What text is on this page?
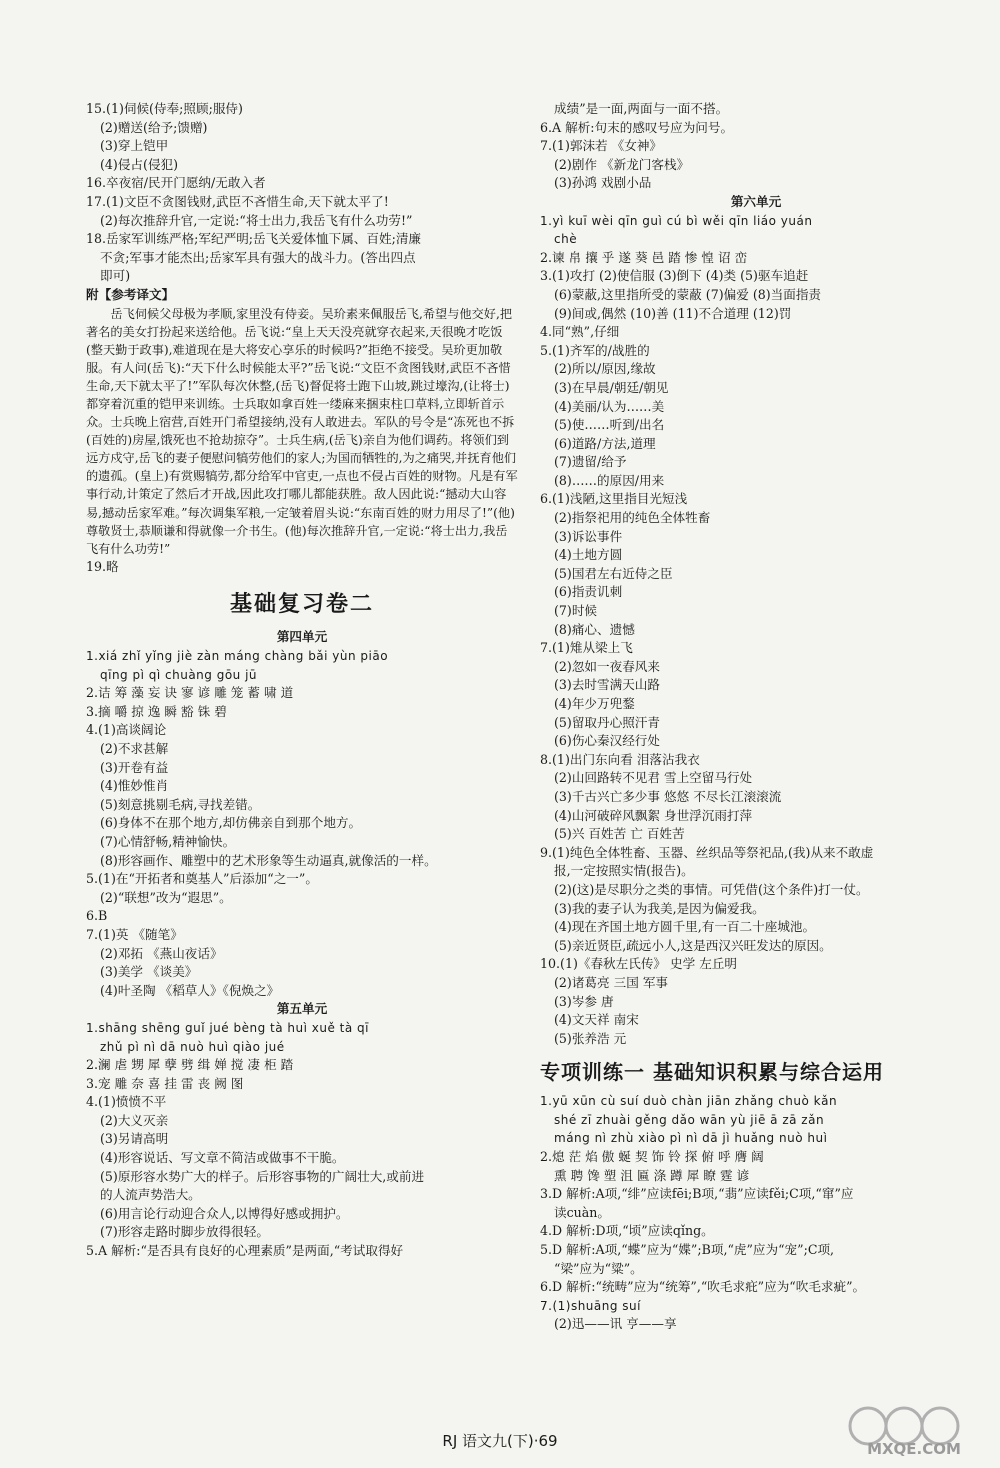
15.(1)伺候(侍奉;照顾;服侍)
(2)赠送(给予;馈赠)
(3)穿上铠甲
(4)侵占(侵犯)
16.卒夜宿/民开门愿纳/无敢入者
17.(1)文臣不贪图钱财,武臣不吝惜生命,天下就太平了!
(2)每次推辞升官,一定说:“将士出力,我岳飞有什么功劳!”
18.岳家军训练严格;军纪严明;岳飞关爱体恤下属、百姓;清廉
不贪;军事才能杰出;岳家军具有强大的战斗力。(答出四点
即可)
附【参考译文】
岳飞伺候父母极为孝顺,家里没有侍妾。吴玠素来佩服岳飞,希望与他交好,把著名的美女打扮起来送给他。岳飞说:“皇上天天没亮就穿衣起来,天很晚才吃饭(整天勤于政事),难道现在是大将安心享乐的时候吗?”拒绝不接受。吴玠更加敬服。有人问(岳飞):“天下什么时候能太平?”岳飞说:“文臣不贪图钱财,武臣不吝惜生命,天下就太平了!”军队每次休整,(岳飞)督促将士跑下山坡,跳过壕沟,(让将士)都穿着沉重的铠甲来训练。士兵取如拿百姓一缕麻来捆束柱口草料,立即斩首示众。士兵晚上宿营,百姓开门希望接纳,没有人敢进去。军队的号令是“冻死也不拆(百姓的)房屋,饿死也不抢劫掠夺”。士兵生病,(岳飞)亲自为他们调药。将领们到远方戍守,岳飞的妻子便慰问犒劳他们的家人;为国而牺牲的,为之痛哭,并抚育他们的遗孤。(皇上)有赏赐犒劳,都分给军中官吏,一点也不侵占百姓的财物。凡是有军事行动,计策定了然后才开战,因此攻打哪儿都能获胜。敌人因此说:“撼动大山容易,撼动岳家军难。”每次调集军粮,一定皱着眉头说:“东南百姓的财力用尽了!”(他)尊敬贤士,恭顺谦和得就像一介书生。(他)每次推辞升官,一定说:“将士出力,我岳飞有什么功劳!”
19.略
基础复习卷二
第四单元
1.xiá zhǐ yǐng jiè zàn máng chàng bǎi yùn piāo
qīng pì qì chuàng gōu jū
2.诘 筹 藻 妄 诀 寥 谚 雕 笼 蓄 啸 道
3.摘 嚼 掠 逸 瞬 豁 铢 碧
4.(1)高谈阔论
(2)不求甚解
(3)开卷有益
(4)惟妙惟肖
(5)刻意挑剔毛病,寻找差错。
(6)身体不在那个地方,却仿佛亲自到那个地方。
(7)心情舒畅,精神愉快。
(8)形容画作、雕塑中的艺术形象等生动逼真,就像活的一样。
5.(1)在“开拓者和奠基人”后添加“之一”。
(2)“联想”改为“遐思”。
6.B
7.(1)英 《随笔》
(2)邓拓 《燕山夜话》
(3)美学 《谈美》
(4)叶圣陶 《稻草人》《倪焕之》
第五单元
1.shāng shēng guǐ jué bèng tà huì xuě tà qī
zhǔ pì nì dā nuò huì qiào jué
2.澜 虐 甥 犀 孽 劈 缉 婵 搅 凄 柜 踏
3.宠 雕 奈 喜 挂 雷 丧 阙 图
4.(1)愤愤不平
(2)大义灭亲
(3)另请高明
(4)形容说话、写文章不简洁或做事不干脆。
(5)原形容水势广大的样子。后形容事物的广阔壮大,或前进
的人流声势浩大。
(6)用言论行动迎合众人,以博得好感或拥护。
(7)形容走路时脚步放得很轻。
5.A 解析:“是否具有良好的心理素质”是两面,“考试取得好
成绩”是一面,两面与一面不搭。
6.A 解析:句末的感叹号应为问号。
7.(1)郭沫若 《女神》
(2)剧作 《新龙门客栈》
(3)孙鸿 戏剧小品
第六单元
1.yì kuī wèi qīn guì cú bì wěi qīn liáo yuán
chè
2.谏 帛 攘 乎 遂 葵 邑 踏 惨 惶 诏 峦
3.(1)攻打 (2)使信服 (3)倒下 (4)类 (5)驱车追赶
(6)蒙蔽,这里指所受的蒙蔽 (7)偏爱 (8)当面指责
(9)间或,偶然 (10)善 (11)不合道理 (12)罚
4.同“熟”,仔细
5.(1)齐军的/战胜的
(2)所以/原因,缘故
(3)在早晨/朝廷/朝见
(4)美丽/认为……美
(5)使……听到/出名
(6)道路/方法,道理
(7)遗留/给予
(8)……的原因/用来
6.(1)浅陋,这里指目光短浅
(2)指祭祀用的纯色全体牲畜
(3)诉讼事件
(4)土地方圆
(5)国君左右近侍之臣
(6)指责讥刺
(7)时候
(8)痛心、遗憾
7.(1)雉从梁上飞
(2)忽如一夜春风来
(3)去时雪满天山路
(4)年少万兜鍪
(5)留取丹心照汗青
(6)伤心秦汉经行处
8.(1)出门东向看 泪落沾我衣
(2)山回路转不见君 雪上空留马行处
(3)千古兴亡多少事 悠悠 不尽长江滚滚流
(4)山河破碎风飘絮 身世浮沉雨打萍
(5)兴 百姓苦 亡 百姓苦
9.(1)纯色全体牲畜、玉器、丝织品等祭祀品,(我)从来不敢虚
报,一定按照实情(报告)。
(2)(这)是尽职分之类的事情。可凭借(这个条件)打一仗。
(3)我的妻子认为我美,是因为偏爱我。
(4)现在齐国土地方圆千里,有一百二十座城池。
(5)亲近贤臣,疏远小人,这是西汉兴旺发达的原因。
10.(1)《春秋左氏传》 史学 左丘明
(2)诸葛亮 三国 军事
(3)岑参 唐
(4)文天祥 南宋
(5)张养浩 元
专项训练一 基础知识积累与综合运用
1.yū xūn cù suí duò chàn jiān zhǎng chuò kǎn
shé zī zhuài gěng dǎo wān yù jiē ā zā zǎn
máng nì zhù xiào pì nì dā jì huǎng nuò huì
2.熄 茫 焰 傲 蜒 契 饰 铃 探 俯 呼 膺 阔
熏 聘 馋 塑 沮 匾 涤 蹲 犀 瞭 霆 谚
3.D 解析:A项,“绯”应读fēi;B项,“翡”应读fěi;C项,“窜”应
读cuàn。
4.D 解析:D项,“顷”应读qǐng。
5.D 解析:A项,“蝶”应为“媟”;B项,“虎”应为“宠”;C项,
“梁”应为“粱”。
6.D 解析:“统畴”应为“统筹”,“吹毛求疪”应为“吹毛求疵”。
7.(1)shuāng suí
(2)迅——讯 亨——享
RJ 语文九(下)·69	MXQE.COM
